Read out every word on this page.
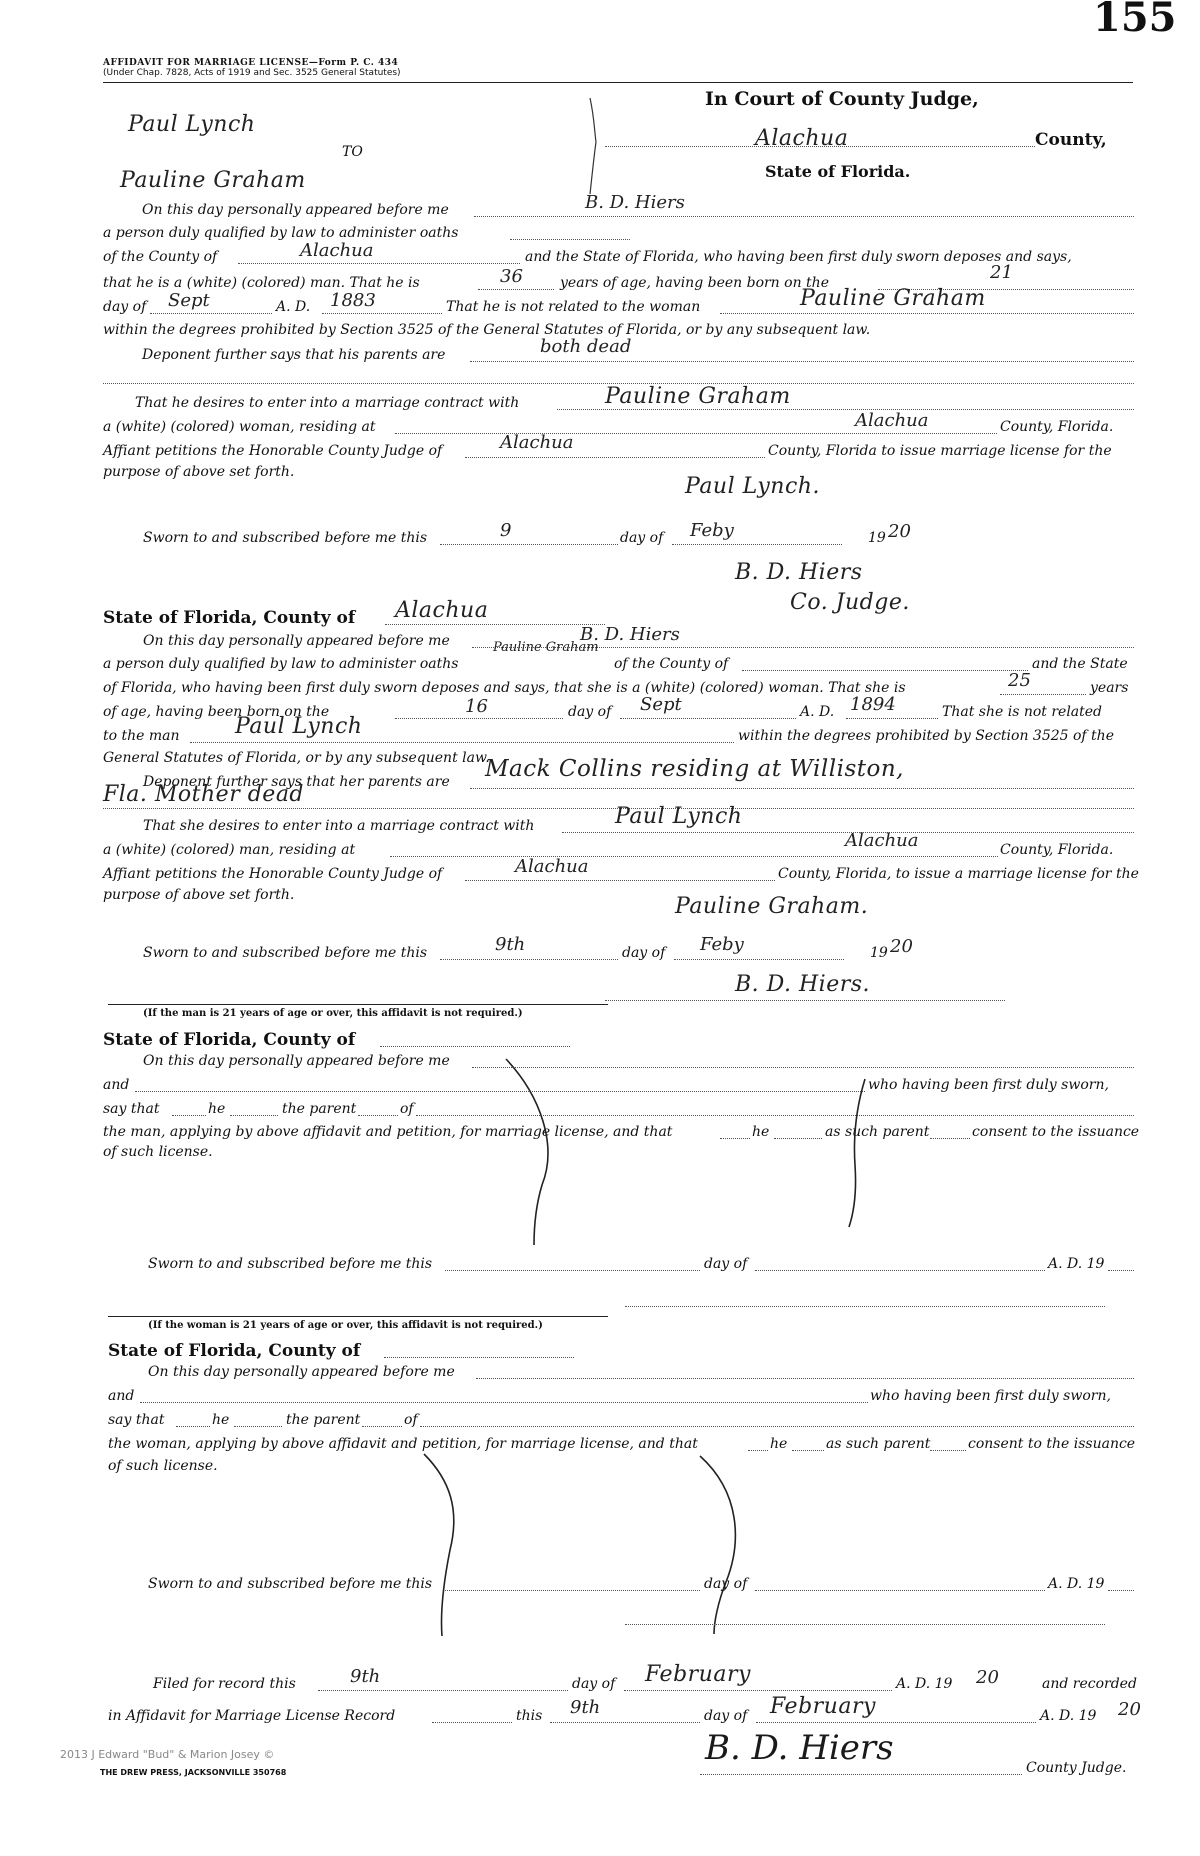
155
AFFIDAVIT FOR MARRIAGE LICENSE—Form P. C. 434
(Under Chap. 7828, Acts of 1919 and Sec. 3525 General Statutes)
Paul Lynch
TO
Pauline Graham
In Court of County Judge,
Alachua	County,
State of Florida.
On this day personally appeared before me	B. D. Hiers
a person duly qualified by law to administer oaths
of the County of	Alachua	and the State of Florida, who having been first duly sworn deposes and says,
that he is a (white) (colored) man. That he is	36	years of age, having been born on the	21
day of Sept	A. D. 1883	That he is not related to the woman	Pauline Graham
within the degrees prohibited by Section 3525 of the General Statutes of Florida, or by any subsequent law.
Deponent further says that his parents are	both dead
That he desires to enter into a marriage contract with	Pauline Graham
a (white) (colored) woman, residing at	Alachua	County, Florida.
Affiant petitions the Honorable County Judge of	Alachua	County, Florida to issue marriage license for the
purpose of above set forth.
Paul Lynch.
Sworn to and subscribed before me this	9	day of Feby	19 20
B. D. Hiers
Co. Judge.
State of Florida, County of Alachua
On this day personally appeared before me	B. D. Hiers
a person duly qualified by law to administer oaths
Pauline Graham
of the County of	and the State
of Florida, who having been first duly sworn deposes and says, that she is a (white) (colored) woman. That she is	25	years
of age, having been born on the	16	day of Sept	A. D. 1894	That she is not related
to the man	Paul Lynch	within the degrees prohibited by Section 3525 of the
General Statutes of Florida, or by any subsequent law.
Deponent further says that her parents are Mack Collins residing at Williston,
Fla. Mother dead
That she desires to enter into a marriage contract with	Paul Lynch
a (white) (colored) man, residing at	Alachua	County, Florida.
Affiant petitions the Honorable County Judge of	Alachua	County, Florida, to issue a marriage license for the
purpose of above set forth.	Pauline Graham.
Sworn to and subscribed before me this	9th	day of Feby	19 20
B. D. Hiers.
(If the man is 21 years of age or over, this affidavit is not required.)
State of Florida, County of
On this day personally appeared before me
and	who having been first duly sworn,
say that	he	the parent	of
the man, applying by above affidavit and petition, for marriage license, and that	he	as such parent	consent to the issuance
of such license.
Sworn to and subscribed before me this	day of	A. D. 19
(If the woman is 21 years of age or over, this affidavit is not required.)
State of Florida, County of
On this day personally appeared before me
and	who having been first duly sworn,
say that	he	the parent	of
the woman, applying by above affidavit and petition, for marriage license, and that	he	as such parent	consent to the issuance
of such license.
Sworn to and subscribed before me this	day of	A. D. 19
Filed for record this	9th	day of February	A. D. 19 20	and recorded
in Affidavit for Marriage License Record	this 9th	day of February	A. D. 19 20
B. D. Hiers	County Judge.
2013 J Edward "Bud" & Marion Josey ©
THE DREW PRESS, JACKSONVILLE 350768
